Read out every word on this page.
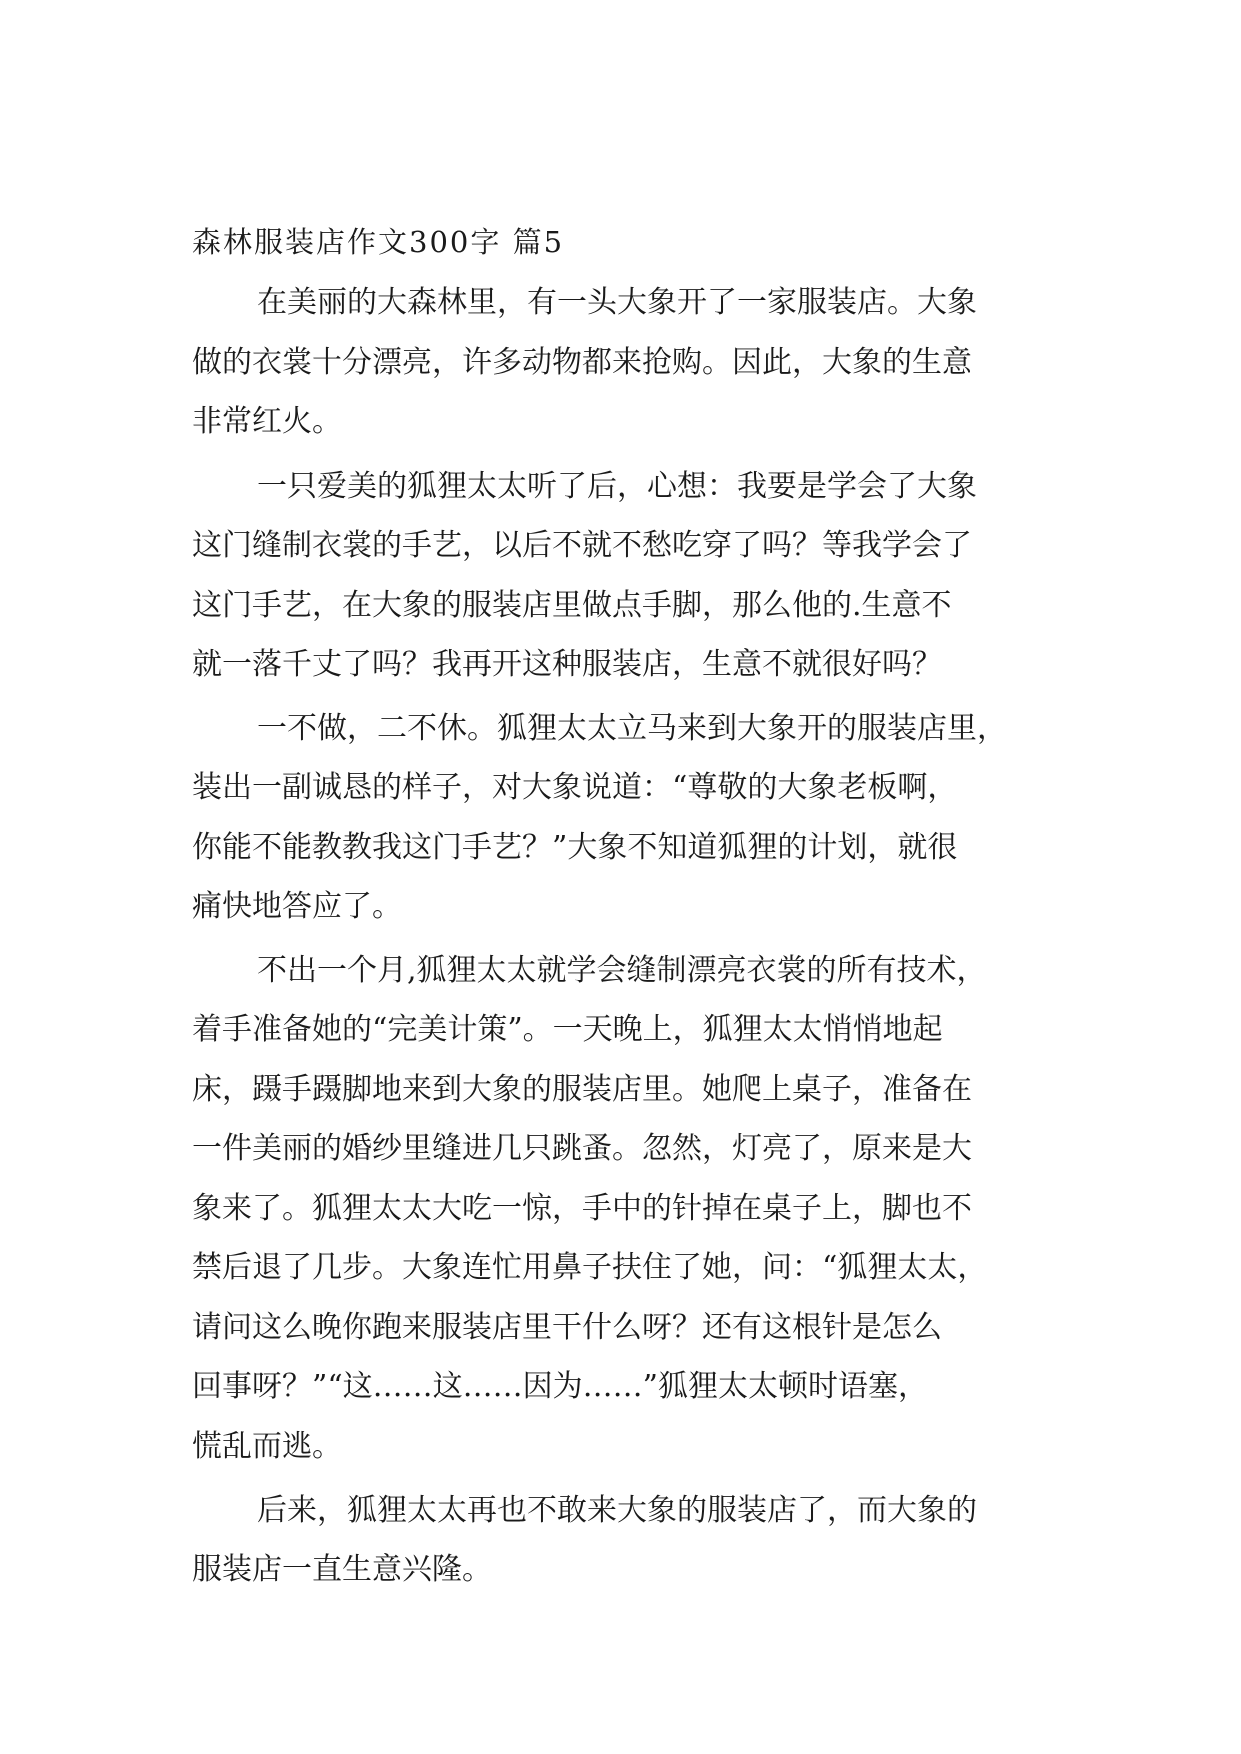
森林服装店作文300字 篇5

在美丽的大森林里，有一头大象开了一家服装店。大象

做的衣裳十分漂亮，许多动物都来抢购。因此，大象的生意

非常红火。

一只爱美的狐狸太太听了后，心想：我要是学会了大象

这门缝制衣裳的手艺，以后不就不愁吃穿了吗？等我学会了

这门手艺，在大象的服装店里做点手脚，那么他的.生意不

就一落千丈了吗？我再开这种服装店，生意不就很好吗？

一不做，二不休。狐狸太太立马来到大象开的服装店里，

装出一副诚恳的样子，对大象说道：“尊敬的大象老板啊，

你能不能教教我这门手艺？”大象不知道狐狸的计划，就很

痛快地答应了。

不出一个月,狐狸太太就学会缝制漂亮衣裳的所有技术，

着手准备她的“完美计策”。一天晚上，狐狸太太悄悄地起

床，蹑手蹑脚地来到大象的服装店里。她爬上桌子，准备在

一件美丽的婚纱里缝进几只跳蚤。忽然，灯亮了，原来是大

象来了。狐狸太太大吃一惊，手中的针掉在桌子上，脚也不

禁后退了几步。大象连忙用鼻子扶住了她，问：“狐狸太太，

请问这么晚你跑来服装店里干什么呀？还有这根针是怎么

回事呀？”“这……这……因为……”狐狸太太顿时语塞，

慌乱而逃。

后来，狐狸太太再也不敢来大象的服装店了，而大象的

服装店一直生意兴隆。
